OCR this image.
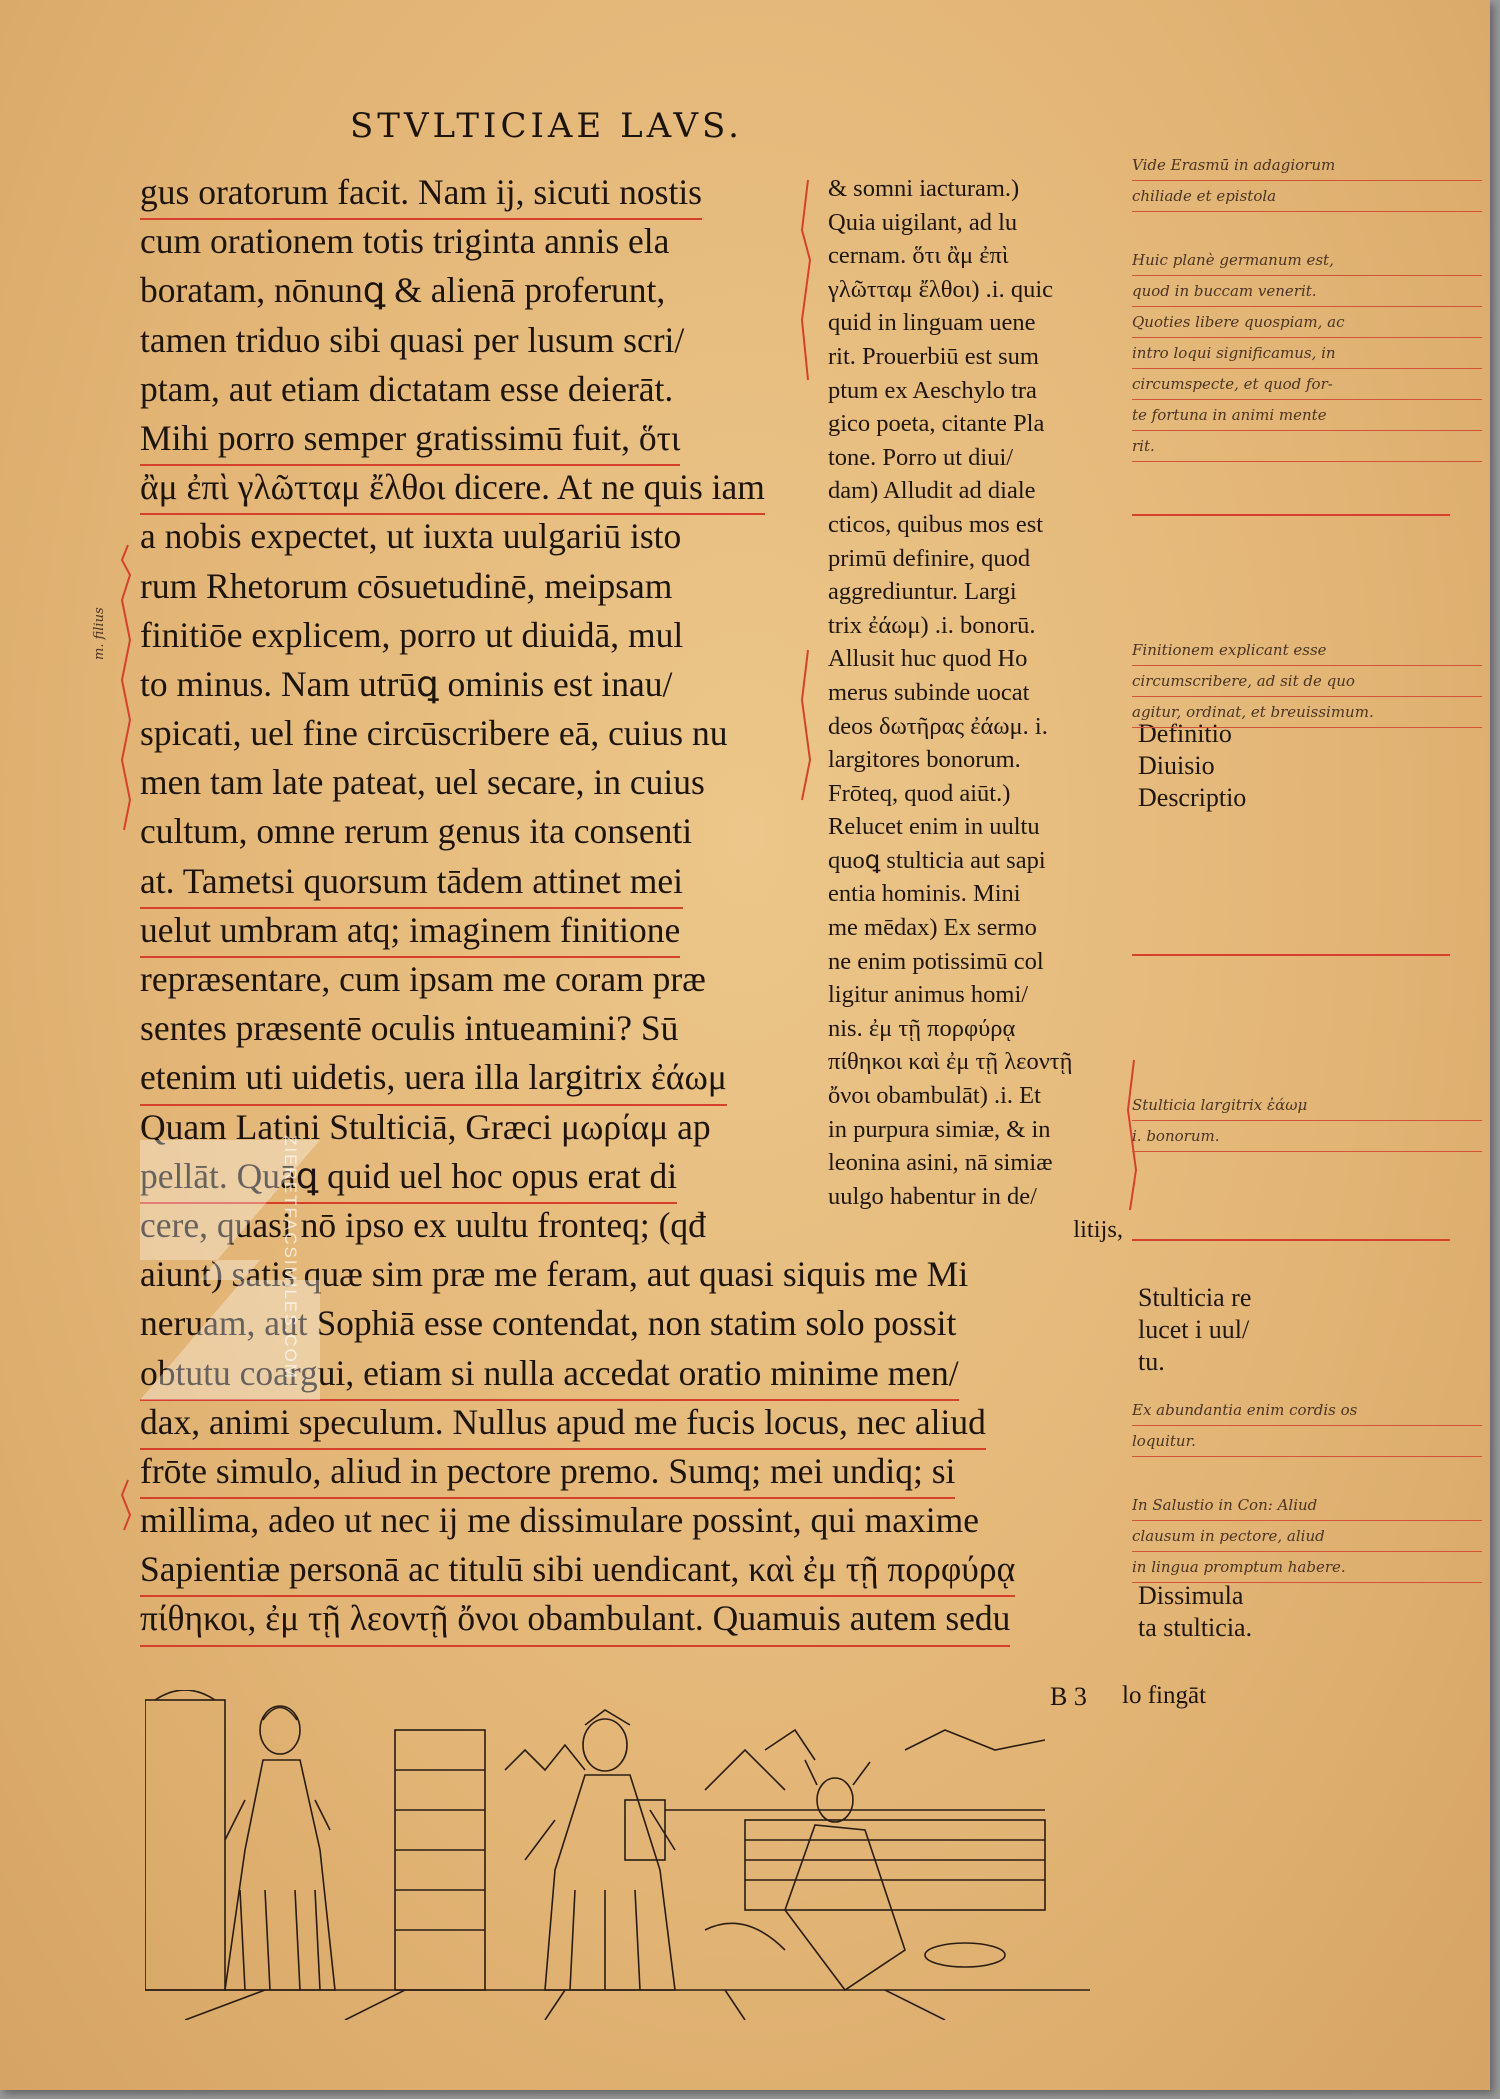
STVLTICIAE LAVS.
gus oratorum facit. Nam ij, sicuti nostis
cum orationem totis triginta annis ela
boratam, nōnunꝗ & alienā proferunt,
tamen triduo sibi quasi per lusum scri/
ptam, aut etiam dictatam esse deierāt.
Mihi porro semper gratissimū fuit, ὅτι
ἂμ ἐπὶ γλῶτταμ ἔλθοι dicere. At ne quis iam
a nobis expectet, ut iuxta uulgariū isto
rum Rhetorum cōsuetudinē, meipsam
finitiōe explicem, porro ut diuidā, mul
to minus. Nam utrūꝗ ominis est inau/
spicati, uel fine circūscribere eā, cuius nu
men tam late pateat, uel secare, in cuius
cultum, omne rerum genus ita consenti
at. Tametsi quorsum tādem attinet mei
uelut umbram atq; imaginem finitione
repræsentare, cum ipsam me coram præ
sentes præsentē oculis intueamini? Sū
etenim uti uidetis, uera illa largitrix ἐάωμ
Quam Latini Stulticiā, Græci μωρίαμ ap
pellāt. Quāꝗ quid uel hoc opus erat di
cere, quasi nō ipso ex uultu fronteq; (qđ
aiunt) satis quæ sim præ me feram, aut quasi siquis me Mi
neruam, aut Sophiā esse contendat, non statim solo possit
obtutu coargui, etiam si nulla accedat oratio minime men/
dax, animi speculum. Nullus apud me fucis locus, nec aliud
frōte simulo, aliud in pectore premo. Sumq; mei undiq; si
millima, adeo ut nec ij me dissimulare possint, qui maxime
Sapientiæ personā ac titulū sibi uendicant, καὶ ἐμ τῇ πορφύρᾳ
πίθηκοι, ἐμ τῇ λεοντῇ ὄνοι obambulant. Quamuis autem sedu
& somni iacturam.)
Quia uigilant, ad lu
cernam. ὅτι ἂμ ἐπὶ
γλῶτταμ ἔλθοι) .i. quic
quid in linguam uene
rit. Prouerbiū est sum
ptum ex Aeschylo tra
gico poeta, citante Pla
tone. Porro ut diui/
dam) Alludit ad diale
cticos, quibus mos est
primū definire, quod
aggrediuntur. Largi
trix ἐάωμ) .i. bonorū.
Allusit huc quod Ho
merus subinde uocat
deos δωτῆρας ἐάωμ. i.
largitores bonorum.
Frōteq, quod aiūt.)
Relucet enim in uultu
quoꝗ stulticia aut sapi
entia hominis. Mini
me mēdax) Ex sermo
ne enim potissimū col
ligitur animus homi/
nis. ἐμ τῇ πορφύρᾳ
πίθηκοι καὶ ἐμ τῇ λεοντῇ
ὄνοι obambulāt) .i. Et
in purpura simiæ, & in
leonina asini, nā simiæ
uulgo habentur in de/
litijs,
Definitio
Diuisio
Descriptio
Stulticia re
lucet i uul/
tu.
Dissimula
ta stulticia.
Vide Erasmū in adagiorum
chiliade et epistola
Huic planè germanum est,
quod in buccam venerit.
Quoties libere quospiam, ac
intro loqui significamus, in
circumspecte, et quod for-
te fortuna in animi mente
rit.
Finitionem explicant esse
circumscribere, ad sit de quo
agitur, ordinat, et breuissimum.
Stulticia largitrix ἐάωμ
i. bonorum.
Ex abundantia enim cordis os
loquitur.
In Salustio in Con: Aliud
clausum in pectore, aliud
in lingua promptum habere.
m. filius
ZIERETFACSIMILES.COM
B 3 lo fingāt
